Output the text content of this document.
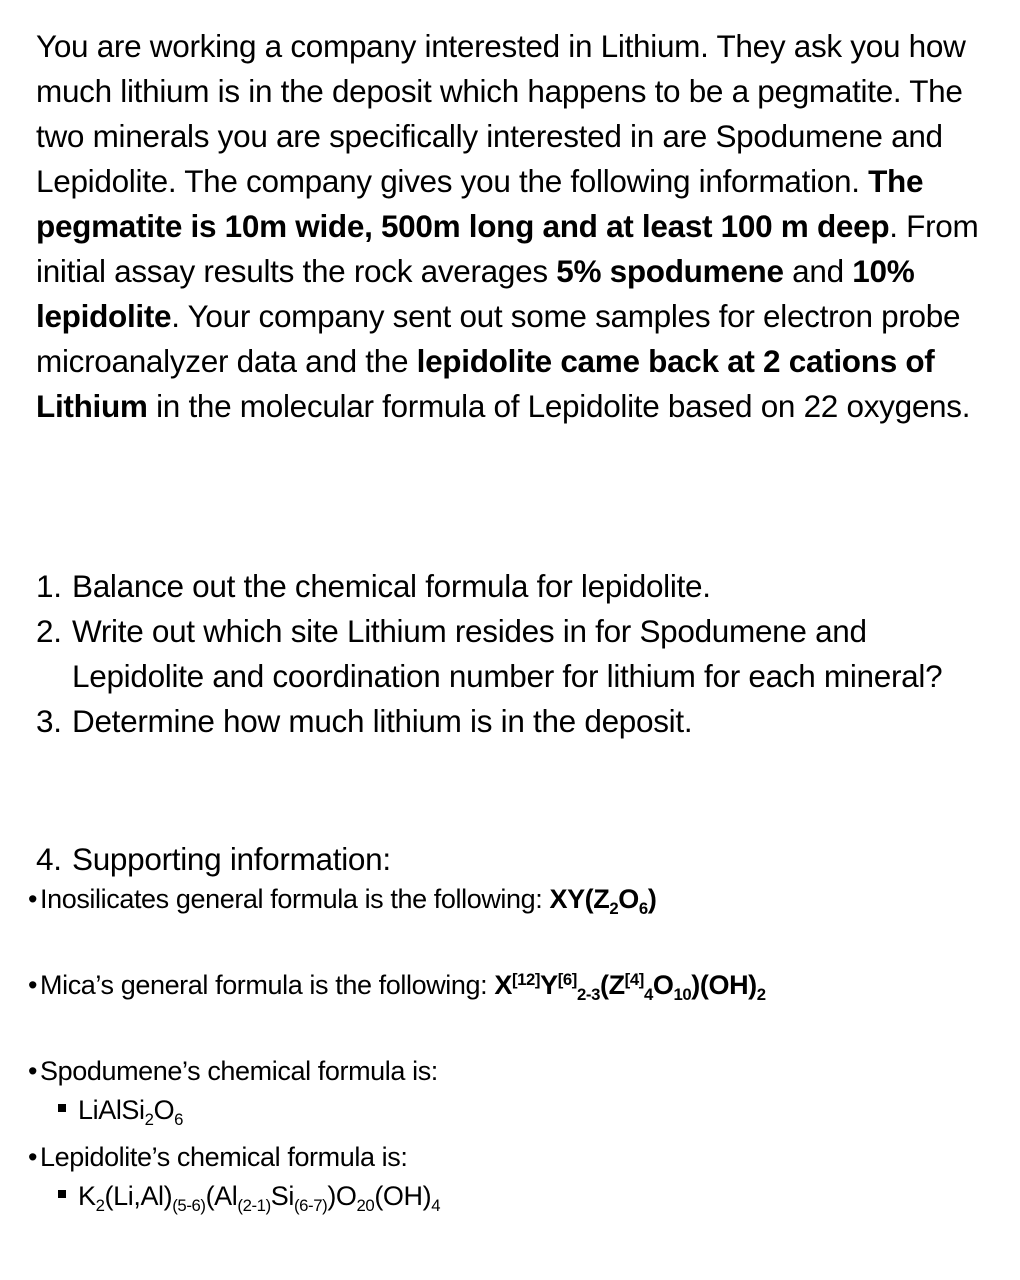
You are working a company interested in Lithium. They ask you how much lithium is in the deposit which happens to be a pegmatite. The two minerals you are specifically interested in are Spodumene and Lepidolite. The company gives you the following information. The pegmatite is 10m wide, 500m long and at least 100 m deep. From initial assay results the rock averages 5% spodumene and 10% lepidolite. Your company sent out some samples for electron probe microanalyzer data and the lepidolite came back at 2 cations of Lithium in the molecular formula of Lepidolite based on 22 oxygens.

1. Balance out the chemical formula for lepidolite.
2. Write out which site Lithium resides in for Spodumene and Lepidolite and coordination number for lithium for each mineral?
3. Determine how much lithium is in the deposit.
4. Supporting information:
• Inosilicates general formula is the following: $XY(Z_2O_6)$
• Mica’s general formula is the following: $X[12]Y[6]_{2-3}(Z[4]_4O_{10})(OH)_2$
• Spodumene’s chemical formula is:
$LiAlSi_2O_6$
• Lepidolite’s chemical formula is:
$K_2(Li,Al)_{(5-6)}(Al_{(2-1)}Si_{(6-7)})O_{20}(OH)_4$
